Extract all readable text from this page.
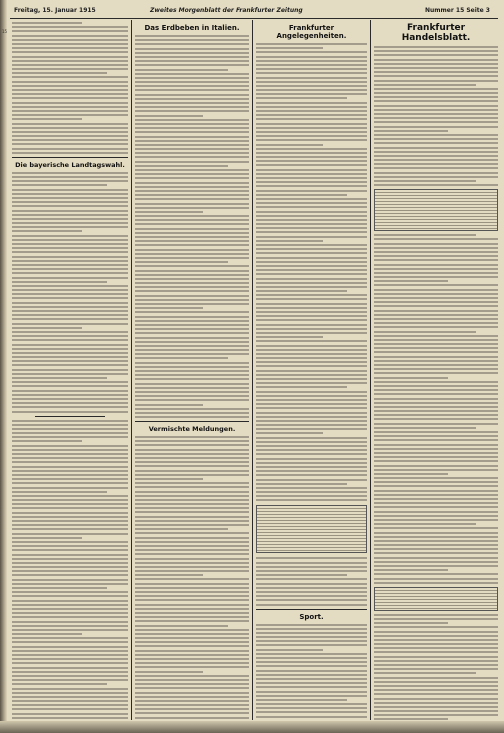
15
Freitag, 15. Januar 1915	Zweites Morgenblatt der Frankfurter Zeitung	Nummer 15 Seite 3
Die bayerische Landtagswahl.
Das Erdbeben in Italien.
Vermischte Meldungen.
Frankfurter Angelegenheiten.
Sport.
Frankfurter Handelsblatt.
